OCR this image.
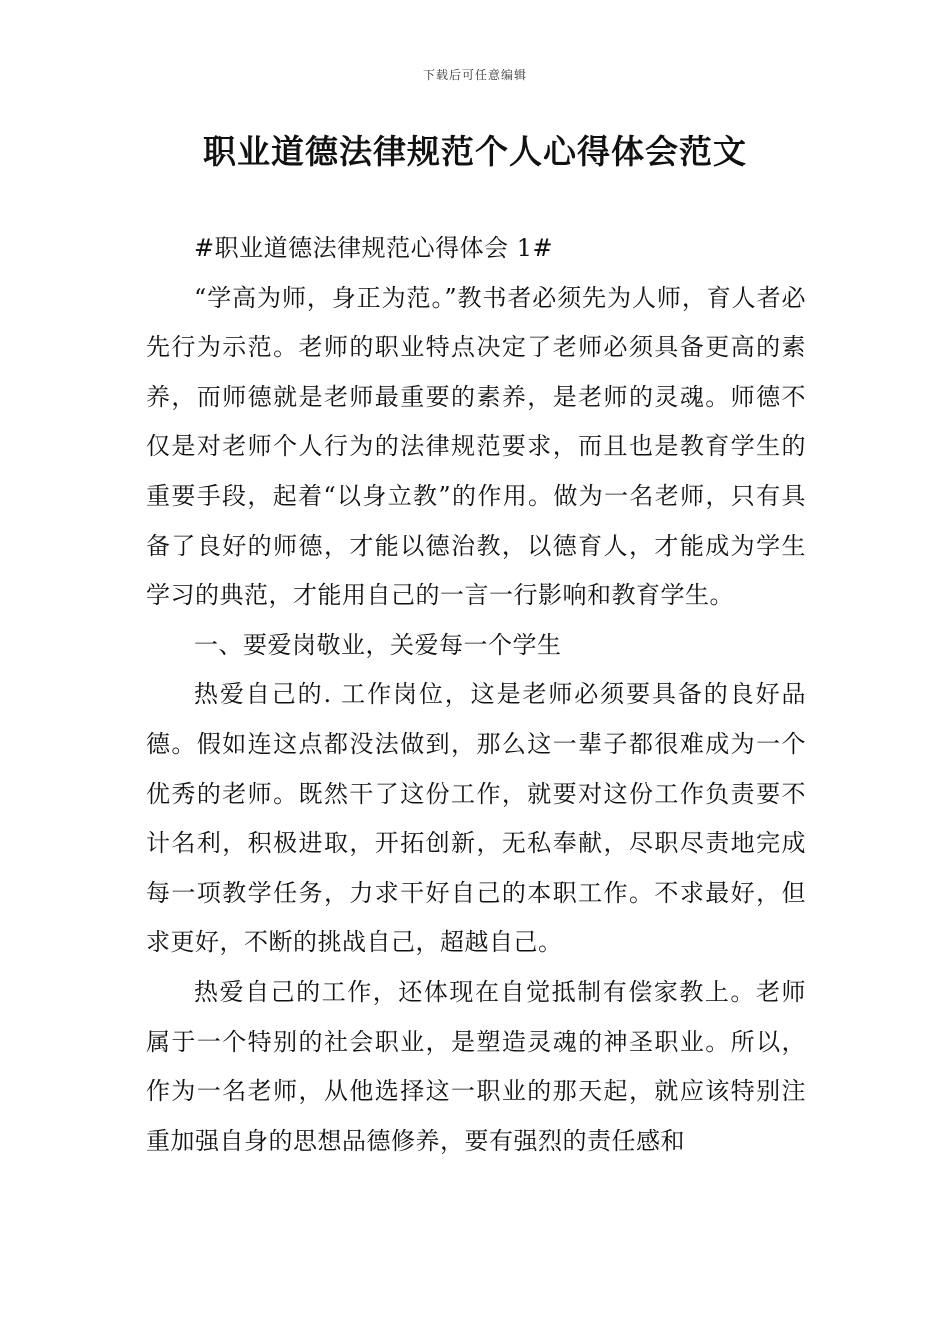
下载后可任意编辑
职业道德法律规范个人心得体会范文

#职业道德法律规范心得体会 1#

“学高为师，身正为范。”教书者必须先为人师，育人者必先行为示范。老师的职业特点决定了老师必须具备更高的素养，而师德就是老师最重要的素养，是老师的灵魂。师德不仅是对老师个人行为的法律规范要求，而且也是教育学生的重要手段，起着“以身立教”的作用。做为一名老师，只有具备了良好的师德，才能以德治教，以德育人，才能成为学生学习的典范，才能用自己的一言一行影响和教育学生。

一、要爱岗敬业，关爱每一个学生

热爱自己的. 工作岗位，这是老师必须要具备的良好品德。假如连这点都没法做到，那么这一辈子都很难成为一个优秀的老师。既然干了这份工作，就要对这份工作负责要不计名利，积极进取，开拓创新，无私奉献，尽职尽责地完成每一项教学任务，力求干好自己的本职工作。不求最好，但求更好，不断的挑战自己，超越自己。

热爱自己的工作，还体现在自觉抵制有偿家教上。老师属于一个特别的社会职业，是塑造灵魂的神圣职业。所以，作为一名老师，从他选择这一职业的那天起，就应该特别注重加强自身的思想品德修养，要有强烈的责任感和
